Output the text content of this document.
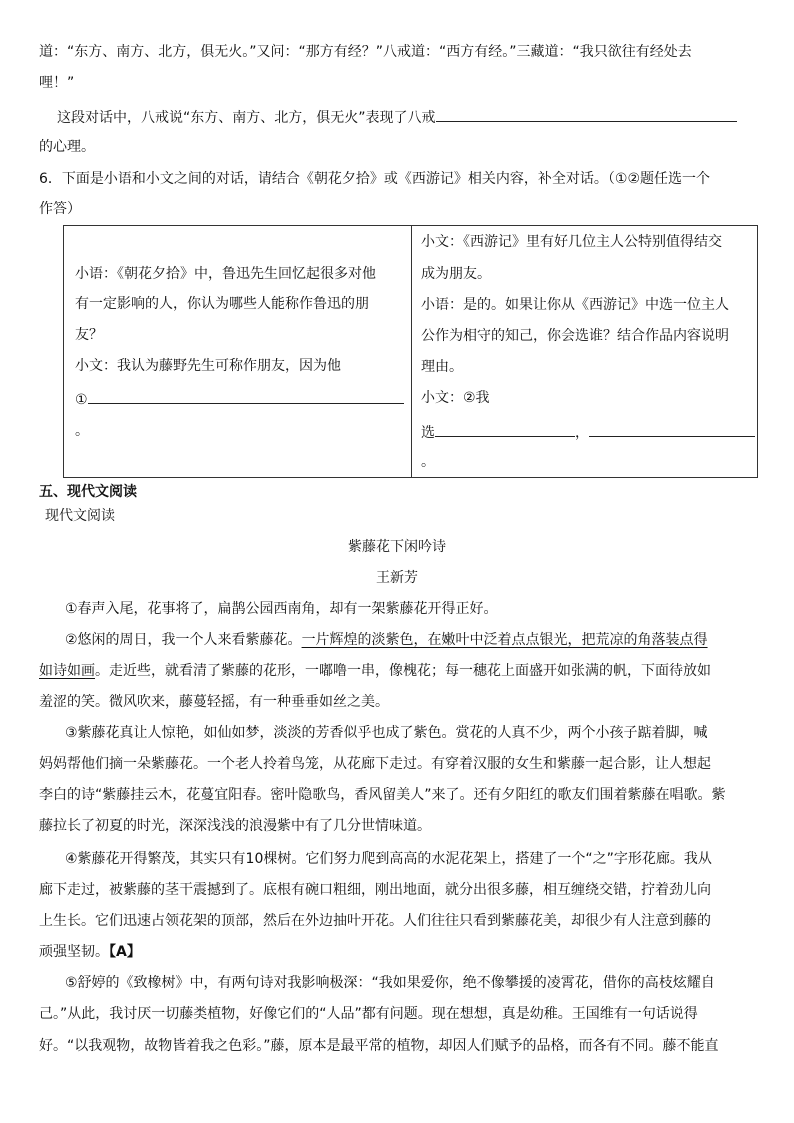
道：“东方、南方、北方，俱无火。”又问：“那方有经？”八戒道：“西方有经。”三藏道：“我只欲往有经处去
哩！”
这段对话中，八戒说“东方、南方、北方，俱无火”表现了八戒
的心理。
6．下面是小语和小文之间的对话，请结合《朝花夕拾》或《西游记》相关内容，补全对话。（①②题任选一个
作答）
小语：《朝花夕拾》中，鲁迅先生回忆起很多对他
有一定影响的人，你认为哪些人能称作鲁迅的朋
友？
小文：我认为藤野先生可称作朋友，因为他
①
。
小文：《西游记》里有好几位主人公特别值得结交
成为朋友。
小语：是的。如果让你从《西游记》中选一位主人
公作为相守的知己，你会选谁？结合作品内容说明
理由。
小文：②我
选	，
。
五、现代文阅读
现代文阅读
紫藤花下闲吟诗
王新芳
①春声入尾，花事将了，扁鹊公园西南角，却有一架紫藤花开得正好。
②悠闲的周日，我一个人来看紫藤花。一片辉煌的淡紫色，在嫩叶中泛着点点银光，把荒凉的角落装点得
如诗如画。走近些，就看清了紫藤的花形，一嘟噜一串，像槐花；每一穗花上面盛开如张满的帆，下面待放如
羞涩的笑。微风吹来，藤蔓轻摇，有一种垂垂如丝之美。
③紫藤花真让人惊艳，如仙如梦，淡淡的芳香似乎也成了紫色。赏花的人真不少，两个小孩子踮着脚，喊
妈妈帮他们摘一朵紫藤花。一个老人拎着鸟笼，从花廊下走过。有穿着汉服的女生和紫藤一起合影，让人想起
李白的诗“紫藤挂云木，花蔓宜阳春。密叶隐歌鸟，香风留美人”来了。还有夕阳红的歌友们围着紫藤在唱歌。紫
藤拉长了初夏的时光，深深浅浅的浪漫紫中有了几分世情味道。
④紫藤花开得繁茂，其实只有10棵树。它们努力爬到高高的水泥花架上，搭建了一个“之”字形花廊。我从
廊下走过，被紫藤的茎干震撼到了。底根有碗口粗细，刚出地面，就分出很多藤，相互缠绕交错，拧着劲儿向
上生长。它们迅速占领花架的顶部，然后在外边抽叶开花。人们往往只看到紫藤花美，却很少有人注意到藤的
顽强坚韧。【A】
⑤舒婷的《致橡树》中，有两句诗对我影响极深：“我如果爱你，绝不像攀援的凌霄花，借你的高枝炫耀自
己。”从此，我讨厌一切藤类植物，好像它们的“人品”都有问题。现在想想，真是幼稚。王国维有一句话说得
好。“以我观物，故物皆着我之色彩。”藤，原本是最平常的植物，却因人们赋予的品格，而各有不同。藤不能直
